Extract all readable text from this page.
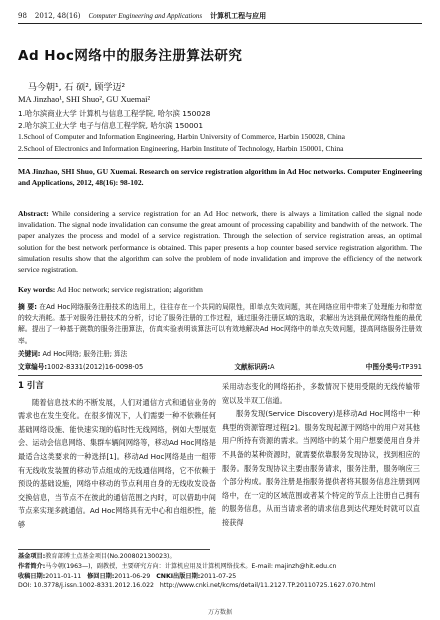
98 2012, 48(16) Computer Engineering and Applications 计算机工程与应用
Ad Hoc网络中的服务注册算法研究
马今朝¹, 石 硕², 顾学迈²
MA Jinzhao¹, SHI Shuo², GU Xuemai²
1.哈尔滨商业大学 计算机与信息工程学院, 哈尔滨 150028
2.哈尔滨工业大学 电子与信息工程学院, 哈尔滨 150001
1.School of Computer and Information Engineering, Harbin University of Commerce, Harbin 150028, China
2.School of Electronics and Information Engineering, Harbin Institute of Technology, Harbin 150001, China
MA Jinzhao, SHI Shuo, GU Xuemai. Research on service registration algorithm in Ad Hoc networks. Computer Engineering and Applications, 2012, 48(16): 98-102.
Abstract: While considering a service registration for an Ad Hoc network, there is always a limitation called the signal node invalidation. The signal node invalidation can consume the great amount of processing capability and bandwith of the network. The paper analyzes the process and model of a service registration. Through the selection of service registration areas, an optimal solution for the best network performance is obtained. This paper presents a hop counter based service registration algorithm. The simulation results show that the algorithm can solve the problem of node invalidation and improve the efficiency of the network service registration.
Key words: Ad Hoc network; service registration; algorithm
摘 要: 在Ad Hoc网络服务注册技术的选用上，往往存在一个共同的局限性，即单点失效问题，其在网络应用中带来了处理能力和带宽的较大消耗。基于对服务注册技术的分析，讨论了服务注册的工作过程，通过服务注册区域的选取，求解出为达到最优网络性能的最优解。提出了一种基于跳数的服务注册算法，仿真实验表明该算法可以有效地解决Ad Hoc网络中的单点失效问题，提高网络服务注册效率。
关键词: Ad Hoc网络; 服务注册; 算法
文章编号:1002-8331(2012)16-0098-05	文献标识码:A	中图分类号:TP391
1 引言
随着信息技术的不断发展，人们对通信方式和通信业务的需求也在发生变化。在很多情况下，人们需要一种不依赖任何基础网络设施、能快速实现的临时性无线网络，例如大型展览会、运动会信息网络、集群车辆间网络等，移动Ad Hoc网络是最适合这类要求的一种选择[1]。移动Ad Hoc网络是由一组带有无线收发装置的移动节点组成的无线通信网络，它不依赖于预设的基础设施，网络中移动的节点利用自身的无线收发设备交换信息，当节点不在彼此的通信范围之内时，可以借助中间节点来实现多跳通信。Ad Hoc网络具有无中心和自组织性，能够
采用动态变化的网络拓扑，多数情况下使用受限的无线传输带宽以及半双工信道。
服务发现(Service Discovery)是移动Ad Hoc网络中一种典型的资源管理过程[2]。服务发现起源于网络中的用户对其他用户所持有资源的需求。当网络中的某个用户想要使用自身并不具备的某种资源时，就需要依靠服务发现协议，找到相应的服务。服务发现协议主要由服务请求，服务注册，服务响应三个部分构成。服务注册是指服务提供者将其服务信息注册到网络中，在一定的区域范围或者某个特定的节点上注册自己拥有的服务信息，从而当请求者的请求信息到达代理处时就可以直接获得
基金项目:教育部博士点基金项目(No.200802130023)。
作者简介:马今朝(1963—)，副教授，主要研究方向：计算机应用及计算机网络技术。E-mail: majinzh@hit.edu.cn
收稿日期:2011-01-11 修回日期:2011-06-29 CNKI出版日期:2011-07-25
DOI: 10.3778/j.issn.1002-8331.2012.16.022 http://www.cnki.net/kcms/detail/11.2127.TP.20110725.1627.070.html
万方数据
